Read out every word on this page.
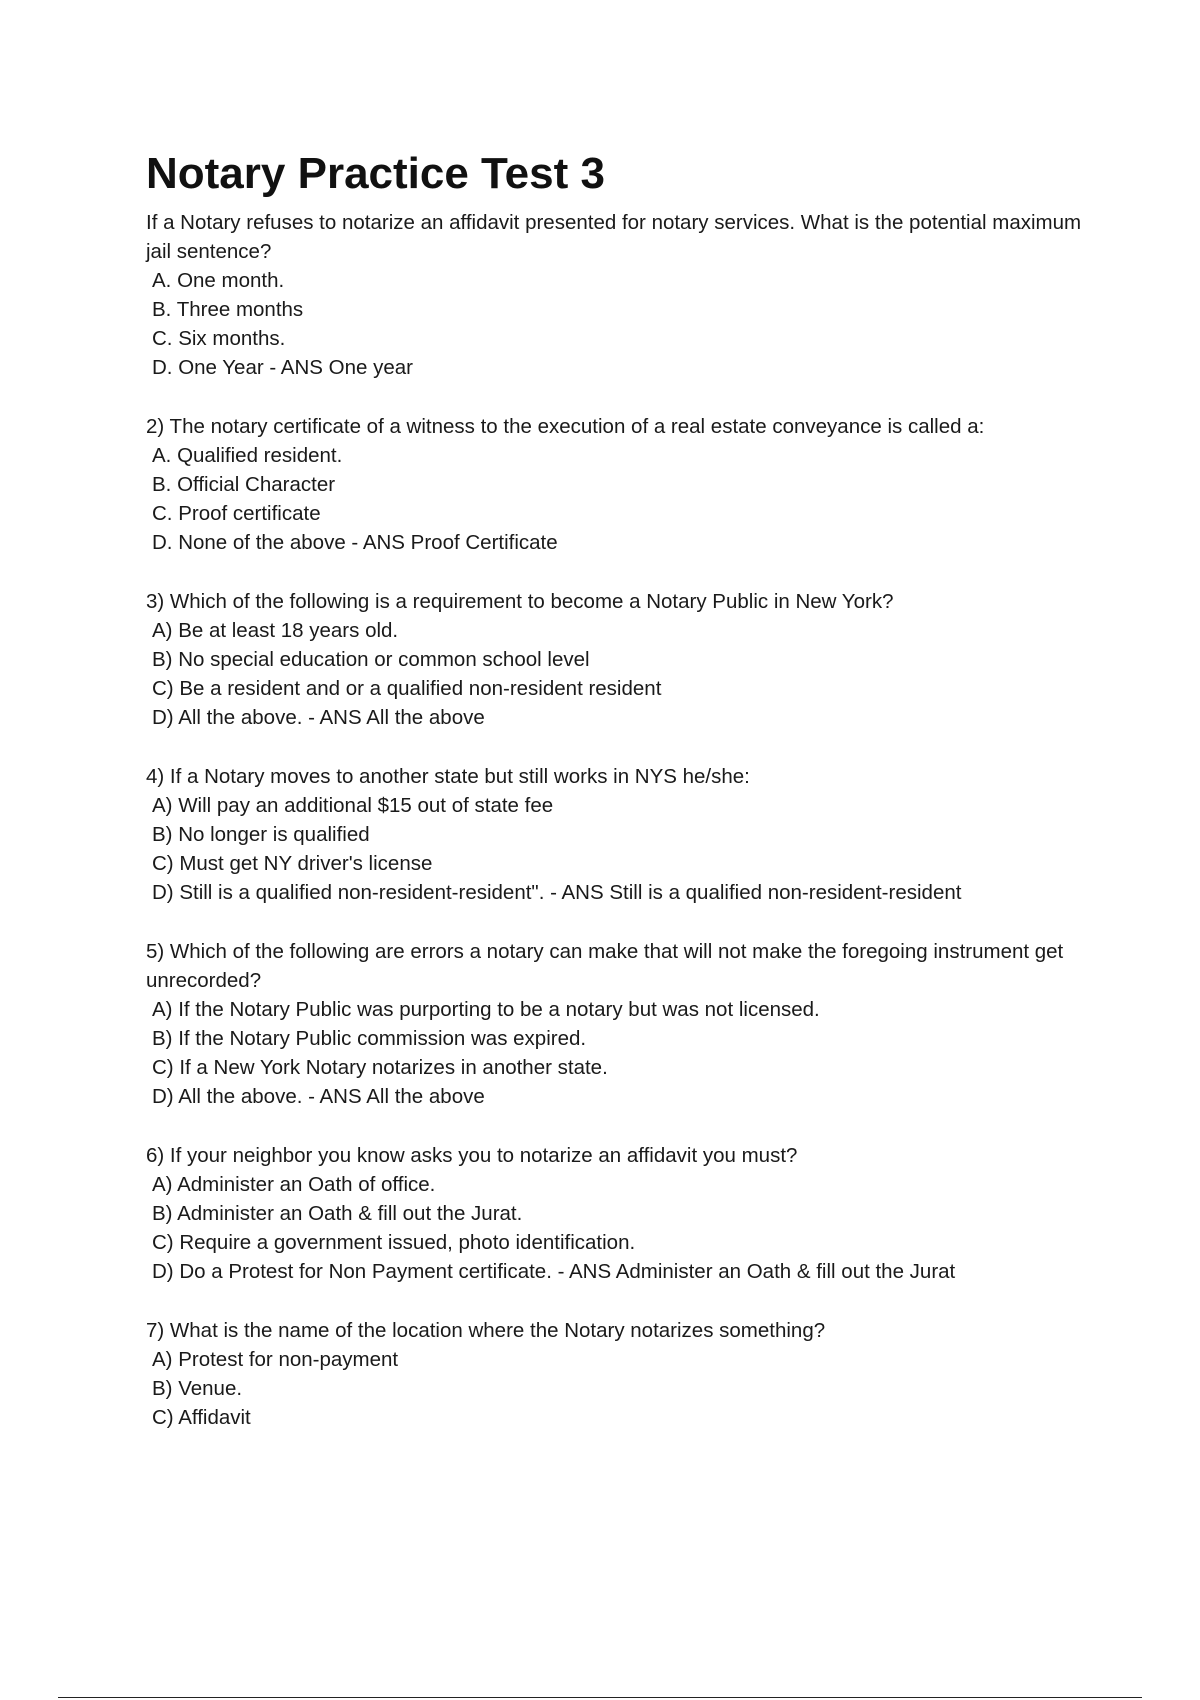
Notary Practice Test 3

If a Notary refuses to notarize an affidavit presented for notary services. What is the potential maximum jail sentence?

A. One month.
B. Three months
C. Six months.
D. One Year - ANS One year

2) The notary certificate of a witness to the execution of a real estate conveyance is called a:

A. Qualified resident.
B. Official Character
C. Proof certificate
D. None of the above - ANS Proof Certificate

3) Which of the following is a requirement to become a Notary Public in New York?

A) Be at least 18 years old.
B) No special education or common school level
C) Be a resident and or a qualified non-resident resident
D) All the above. - ANS All the above

4) If a Notary moves to another state but still works in NYS he/she:

A) Will pay an additional $15 out of state fee
B) No longer is qualified
C) Must get NY driver's license
D) Still is a qualified non-resident-resident". - ANS Still is a qualified non-resident-resident

5) Which of the following are errors a notary can make that will not make the foregoing instrument get unrecorded?

A) If the Notary Public was purporting to be a notary but was not licensed.
B) If the Notary Public commission was expired.
C) If a New York Notary notarizes in another state.
D) All the above. - ANS All the above

6) If your neighbor you know asks you to notarize an affidavit you must?

A) Administer an Oath of office.
B) Administer an Oath & fill out the Jurat.
C) Require a government issued, photo identification.
D) Do a Protest for Non Payment certificate. - ANS Administer an Oath & fill out the Jurat

7) What is the name of the location where the Notary notarizes something?

A) Protest for non-payment
B) Venue.
C) Affidavit
